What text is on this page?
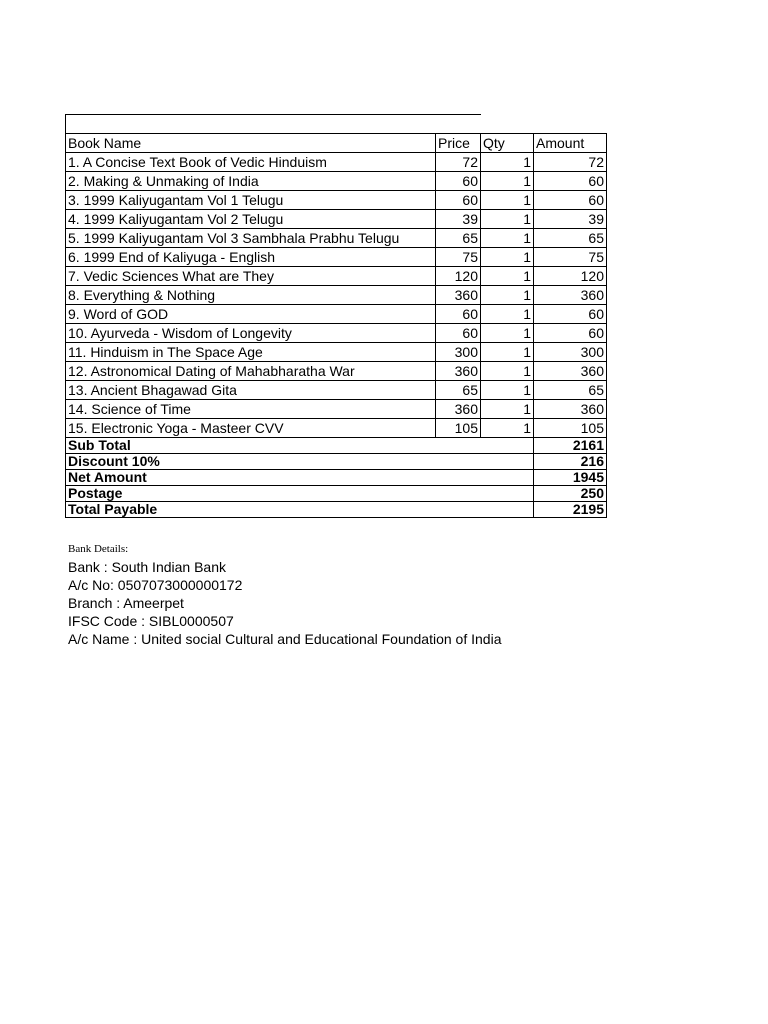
Book Name	Price	Qty	Amount
1. A Concise Text Book of Vedic Hinduism	72	1	72
2. Making & Unmaking of India	60	1	60
3. 1999 Kaliyugantam Vol 1 Telugu	60	1	60
4. 1999 Kaliyugantam Vol 2 Telugu	39	1	39
5. 1999 Kaliyugantam Vol 3 Sambhala Prabhu Telugu	65	1	65
6. 1999 End of Kaliyuga - English	75	1	75
7. Vedic Sciences What are They	120	1	120
8. Everything & Nothing	360	1	360
9. Word of GOD	60	1	60
10. Ayurveda - Wisdom of Longevity	60	1	60
11. Hinduism in The Space Age	300	1	300
12. Astronomical Dating of Mahabharatha War	360	1	360
13. Ancient Bhagawad Gita	65	1	65
14. Science of Time	360	1	360
15. Electronic Yoga - Masteer CVV	105	1	105
Sub Total			2161
Discount 10%			216
Net Amount			1945
Postage			250
Total Payable			2195
Bank Details:
Bank : South Indian Bank
A/c No: 0507073000000172
Branch : Ameerpet
IFSC Code : SIBL0000507
A/c Name : United social Cultural and Educational Foundation of India
